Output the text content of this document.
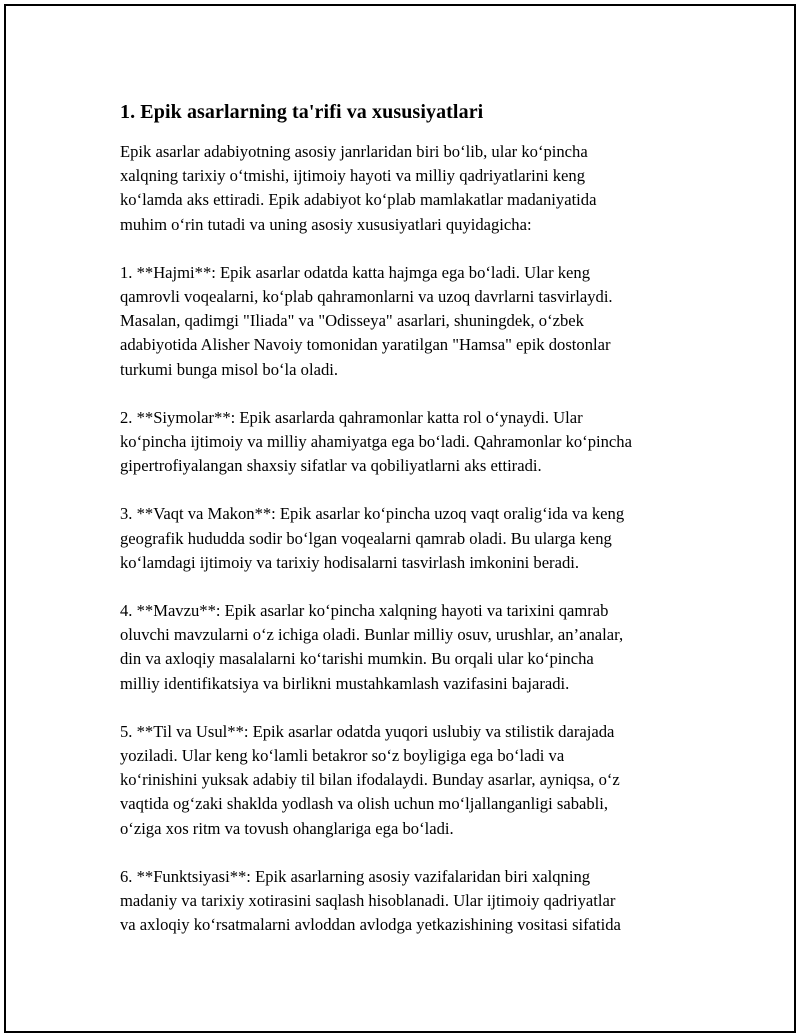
1. Epik asarlarning ta'rifi va xususiyatlari

Epik asarlar adabiyotning asosiy janrlaridan biri bo‘lib, ular ko‘pincha
xalqning tarixiy o‘tmishi, ijtimoiy hayoti va milliy qadriyatlarini keng
ko‘lamda aks ettiradi. Epik adabiyot ko‘plab mamlakatlar madaniyatida
muhim o‘rin tutadi va uning asosiy xususiyatlari quyidagicha:

1. **Hajmi**: Epik asarlar odatda katta hajmga ega bo‘ladi. Ular keng
qamrovli voqealarni, ko‘plab qahramonlarni va uzoq davrlarni tasvirlaydi.
Masalan, qadimgi "Iliada" va "Odisseya" asarlari, shuningdek, o‘zbek
adabiyotida Alisher Navoiy tomonidan yaratilgan "Hamsa" epik dostonlar
turkumi bunga misol bo‘la oladi.

2. **Siymolar**: Epik asarlarda qahramonlar katta rol o‘ynaydi. Ular
ko‘pincha ijtimoiy va milliy ahamiyatga ega bo‘ladi. Qahramonlar ko‘pincha
gipertrofiyalangan shaxsiy sifatlar va qobiliyatlarni aks ettiradi.

3. **Vaqt va Makon**: Epik asarlar ko‘pincha uzoq vaqt oralig‘ida va keng
geografik hududda sodir bo‘lgan voqealarni qamrab oladi. Bu ularga keng
ko‘lamdagi ijtimoiy va tarixiy hodisalarni tasvirlash imkonini beradi.

4. **Mavzu**: Epik asarlar ko‘pincha xalqning hayoti va tarixini qamrab
oluvchi mavzularni o‘z ichiga oladi. Bunlar milliy osuv, urushlar, an’analar,
din va axloqiy masalalarni ko‘tarishi mumkin. Bu orqali ular ko‘pincha
milliy identifikatsiya va birlikni mustahkamlash vazifasini bajaradi.

5. **Til va Usul**: Epik asarlar odatda yuqori uslubiy va stilistik darajada
yoziladi. Ular keng ko‘lamli betakror so‘z boyligiga ega bo‘ladi va
ko‘rinishini yuksak adabiy til bilan ifodalaydi. Bunday asarlar, ayniqsa, o‘z
vaqtida og‘zaki shaklda yodlash va olish uchun mo‘ljallanganligi sababli,
o‘ziga xos ritm va tovush ohanglariga ega bo‘ladi.

6. **Funktsiyasi**: Epik asarlarning asosiy vazifalaridan biri xalqning
madaniy va tarixiy xotirasini saqlash hisoblanadi. Ular ijtimoiy qadriyatlar
va axloqiy ko‘rsatmalarni avloddan avlodga yetkazishining vositasi sifatida
